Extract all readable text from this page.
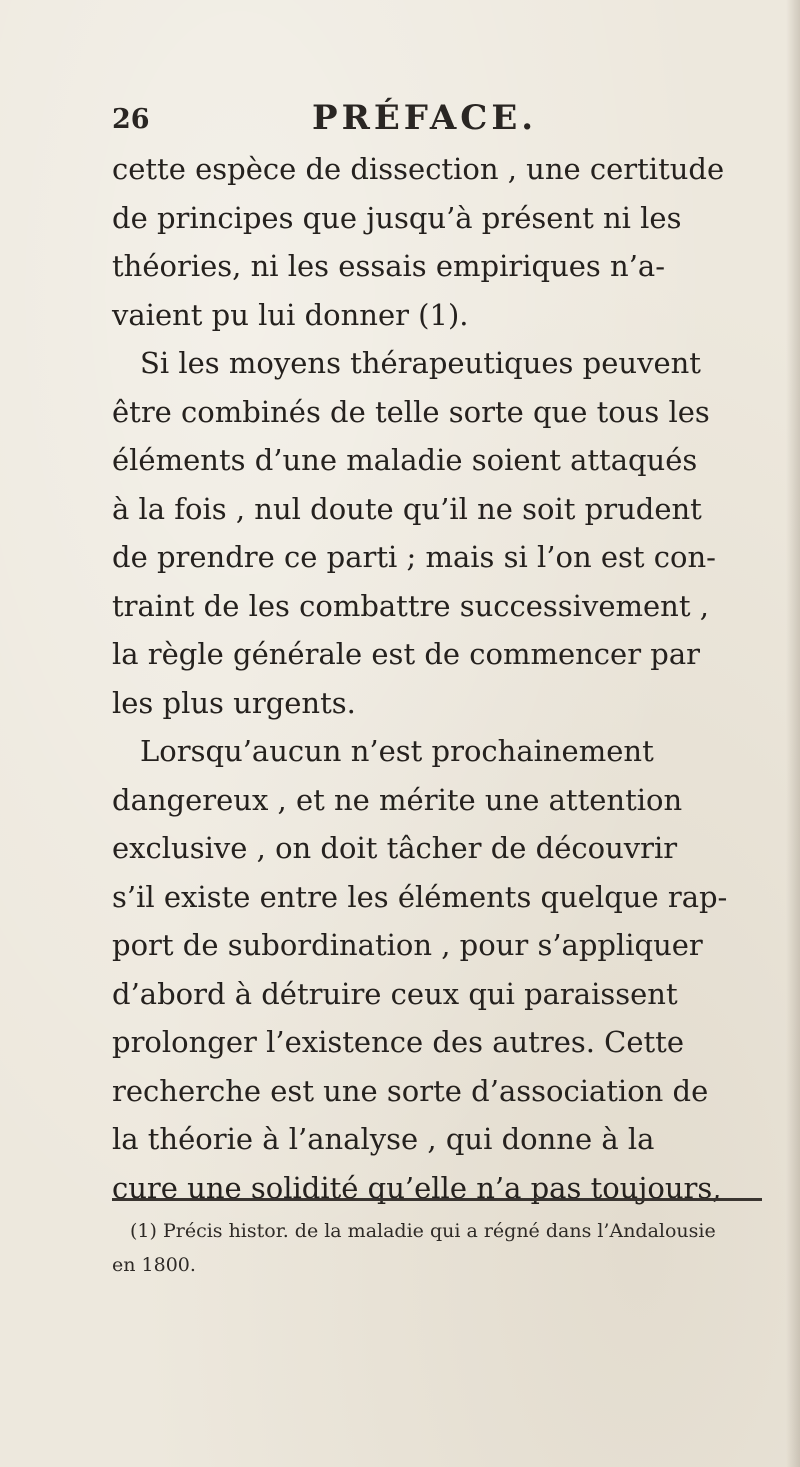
26	PRÉFACE.
cette espèce de dissection , une certitude
de principes que jusqu’à présent ni les
théories, ni les essais empiriques n’a-
vaient pu lui donner (1).
Si les moyens thérapeutiques peuvent
être combinés de telle sorte que tous les
éléments d’une maladie soient attaqués
à la fois , nul doute qu’il ne soit prudent
de prendre ce parti ; mais si l’on est con-
traint de les combattre successivement ,
la règle générale est de commencer par
les plus urgents.
Lorsqu’aucun n’est prochainement
dangereux , et ne mérite une attention
exclusive , on doit tâcher de découvrir
s’il existe entre les éléments quelque rap-
port de subordination , pour s’appliquer
d’abord à détruire ceux qui paraissent
prolonger l’existence des autres. Cette
recherche est une sorte d’association de
la théorie à l’analyse , qui donne à la
cure une solidité qu’elle n’a pas toujours,
(1) Précis histor. de la maladie qui a régné dans l’Andalousie
en 1800.
